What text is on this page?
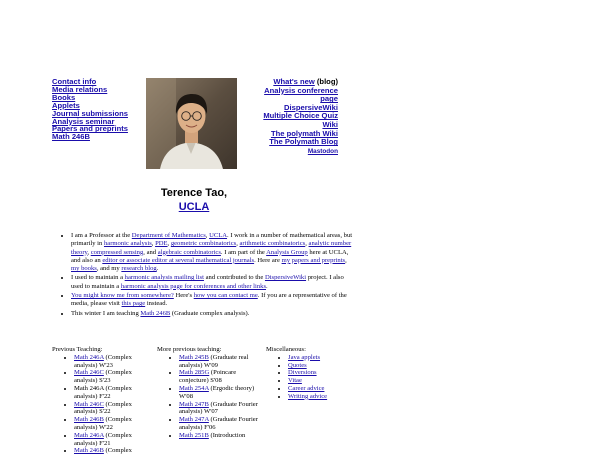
Contact info
Media relations
Books
Applets
Journal submissions
Analysis seminar
Papers and preprints
Math 246B
What's new (blog)
Analysis conference
page
DispersiveWiki
Multiple Choice Quiz
Wiki
The polymath Wiki
The Polymath Blog
Mastodon
Terence Tao,
UCLA
• I am a Professor at the Department of Mathematics, UCLA. I work in a number of mathematical areas, but primarily in harmonic analysis, PDE, geometric combinatorics, arithmetic combinatorics, analytic number theory, compressed sensing, and algebraic combinatorics. I am part of the Analysis Group here at UCLA, and also an editor or associate editor at several mathematical journals. Here are my papers and preprints, my books, and my research blog.
• I used to maintain a harmonic analysis mailing list and contributed to the DispersiveWiki project. I also used to maintain a harmonic analysis page for conferences and other links.
• You might know me from somewhere? Here's how you can contact me. If you are a representative of the media, please visit this page instead.
• This winter I am teaching Math 246B (Graduate complex analysis).
Previous Teaching:
• Math 246A (Complex analysis) W'23
• Math 246C (Complex analysis) S'23
• Math 246A (Complex analysis) F'22
• Math 246C (Complex analysis) S'22
• Math 246B (Complex analysis) W'22
• Math 246A (Complex analysis) F'21
• Math 246B (Complex
More previous teaching:
• Math 245B (Graduate real analysis) W'09
• Math 285G (Poincare conjecture) S'08
• Math 254A (Ergodic theory) W'08
• Math 247B (Graduate Fourier analysis) W'07
• Math 247A (Graduate Fourier analysis) F'06
• Math 251B (Introduction
Miscellaneous:
• Java applets
• Quotes
• Diversions
• Vitae
• Career advice
• Writing advice
